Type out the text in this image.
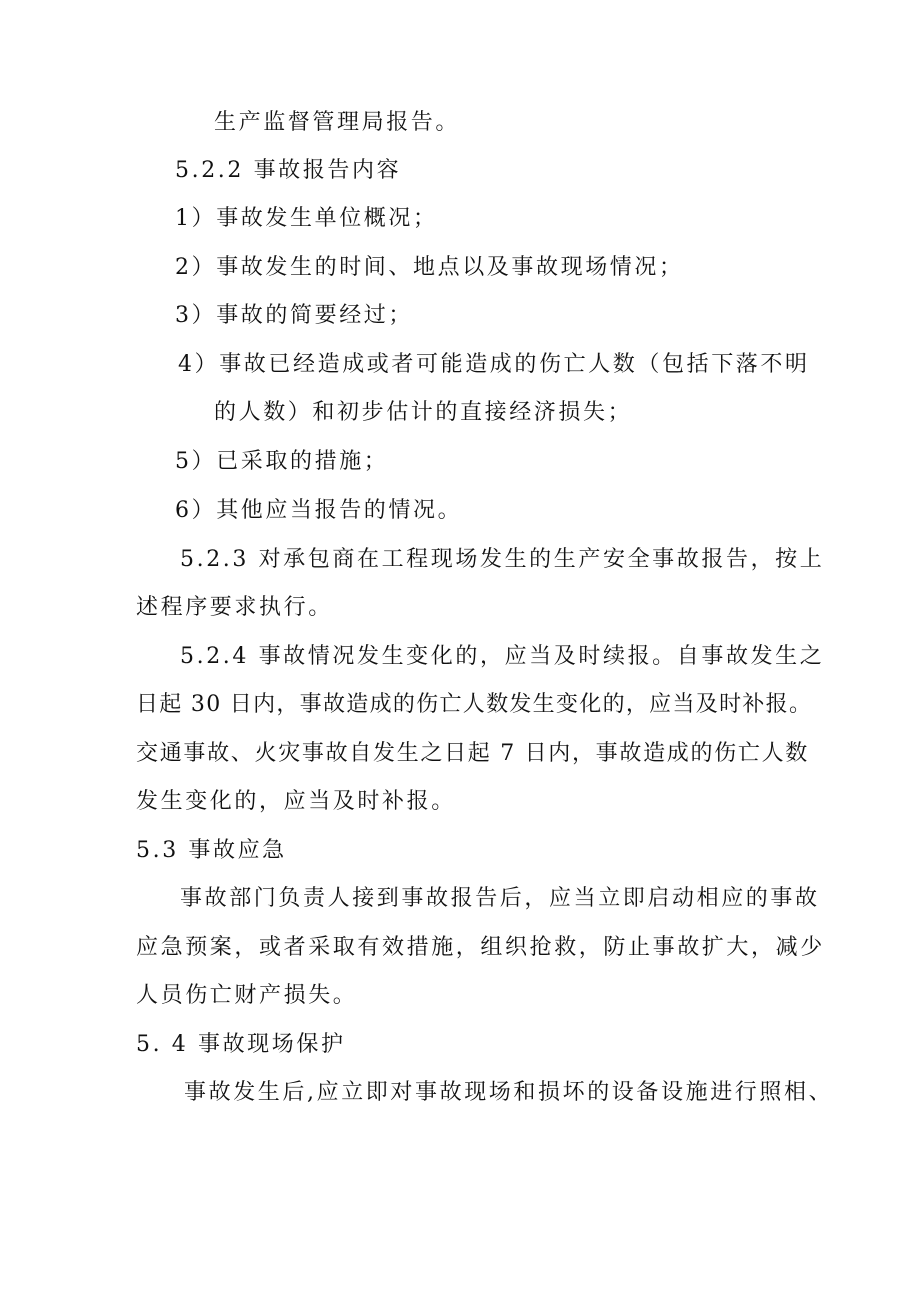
生产监督管理局报告。

5.2.2 事故报告内容

1）事故发生单位概况；

2）事故发生的时间、地点以及事故现场情况；

3）事故的简要经过；

4）事故已经造成或者可能造成的伤亡人数（包括下落不明

的人数）和初步估计的直接经济损失；

5）已采取的措施；

6）其他应当报告的情况。

5.2.3 对承包商在工程现场发生的生产安全事故报告，按上

述程序要求执行。

5.2.4 事故情况发生变化的，应当及时续报。自事故发生之

日起 30 日内，事故造成的伤亡人数发生变化的，应当及时补报。

交通事故、火灾事故自发生之日起 7 日内，事故造成的伤亡人数

发生变化的，应当及时补报。

5.3 事故应急

事故部门负责人接到事故报告后，应当立即启动相应的事故

应急预案，或者采取有效措施，组织抢救，防止事故扩大，减少

人员伤亡财产损失。

5. 4 事故现场保护

事故发生后,应立即对事故现场和损坏的设备设施进行照相、
